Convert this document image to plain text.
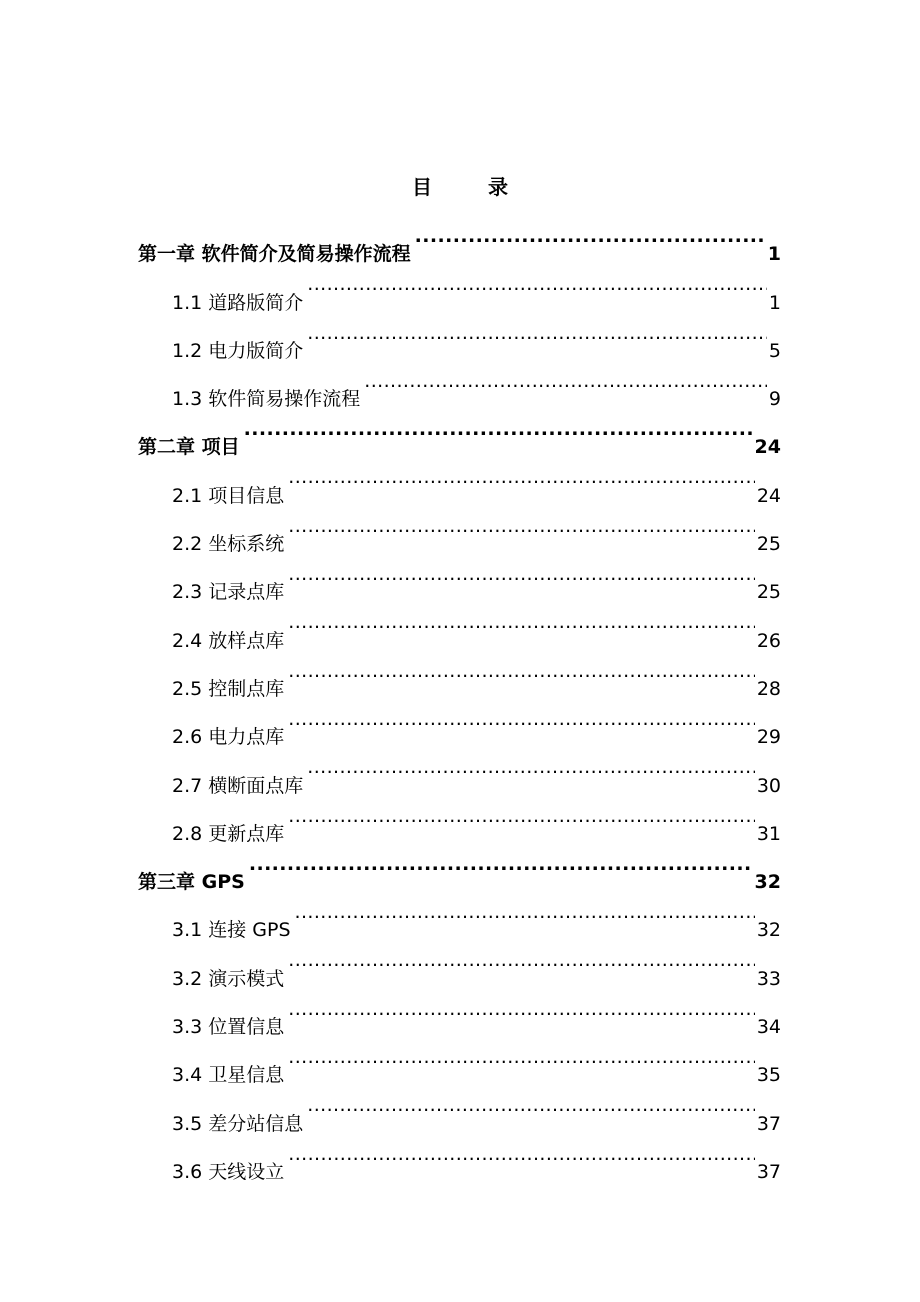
目　录
第一章 软件简介及简易操作流程 .....	1
1.1 道路版简介 .....	1
1.2 电力版简介 .....	5
1.3 软件简易操作流程 .....	9
第二章 项目 .....	24
2.1 项目信息 .....	24
2.2 坐标系统 .....	25
2.3 记录点库 .....	25
2.4 放样点库 .....	26
2.5 控制点库 .....	28
2.6 电力点库 .....	29
2.7 横断面点库 .....	30
2.8 更新点库 .....	31
第三章 GPS .....	32
3.1 连接 GPS .....	32
3.2 演示模式 .....	33
3.3 位置信息 .....	34
3.4 卫星信息 .....	35
3.5 差分站信息 .....	37
3.6 天线设立 .....	37
